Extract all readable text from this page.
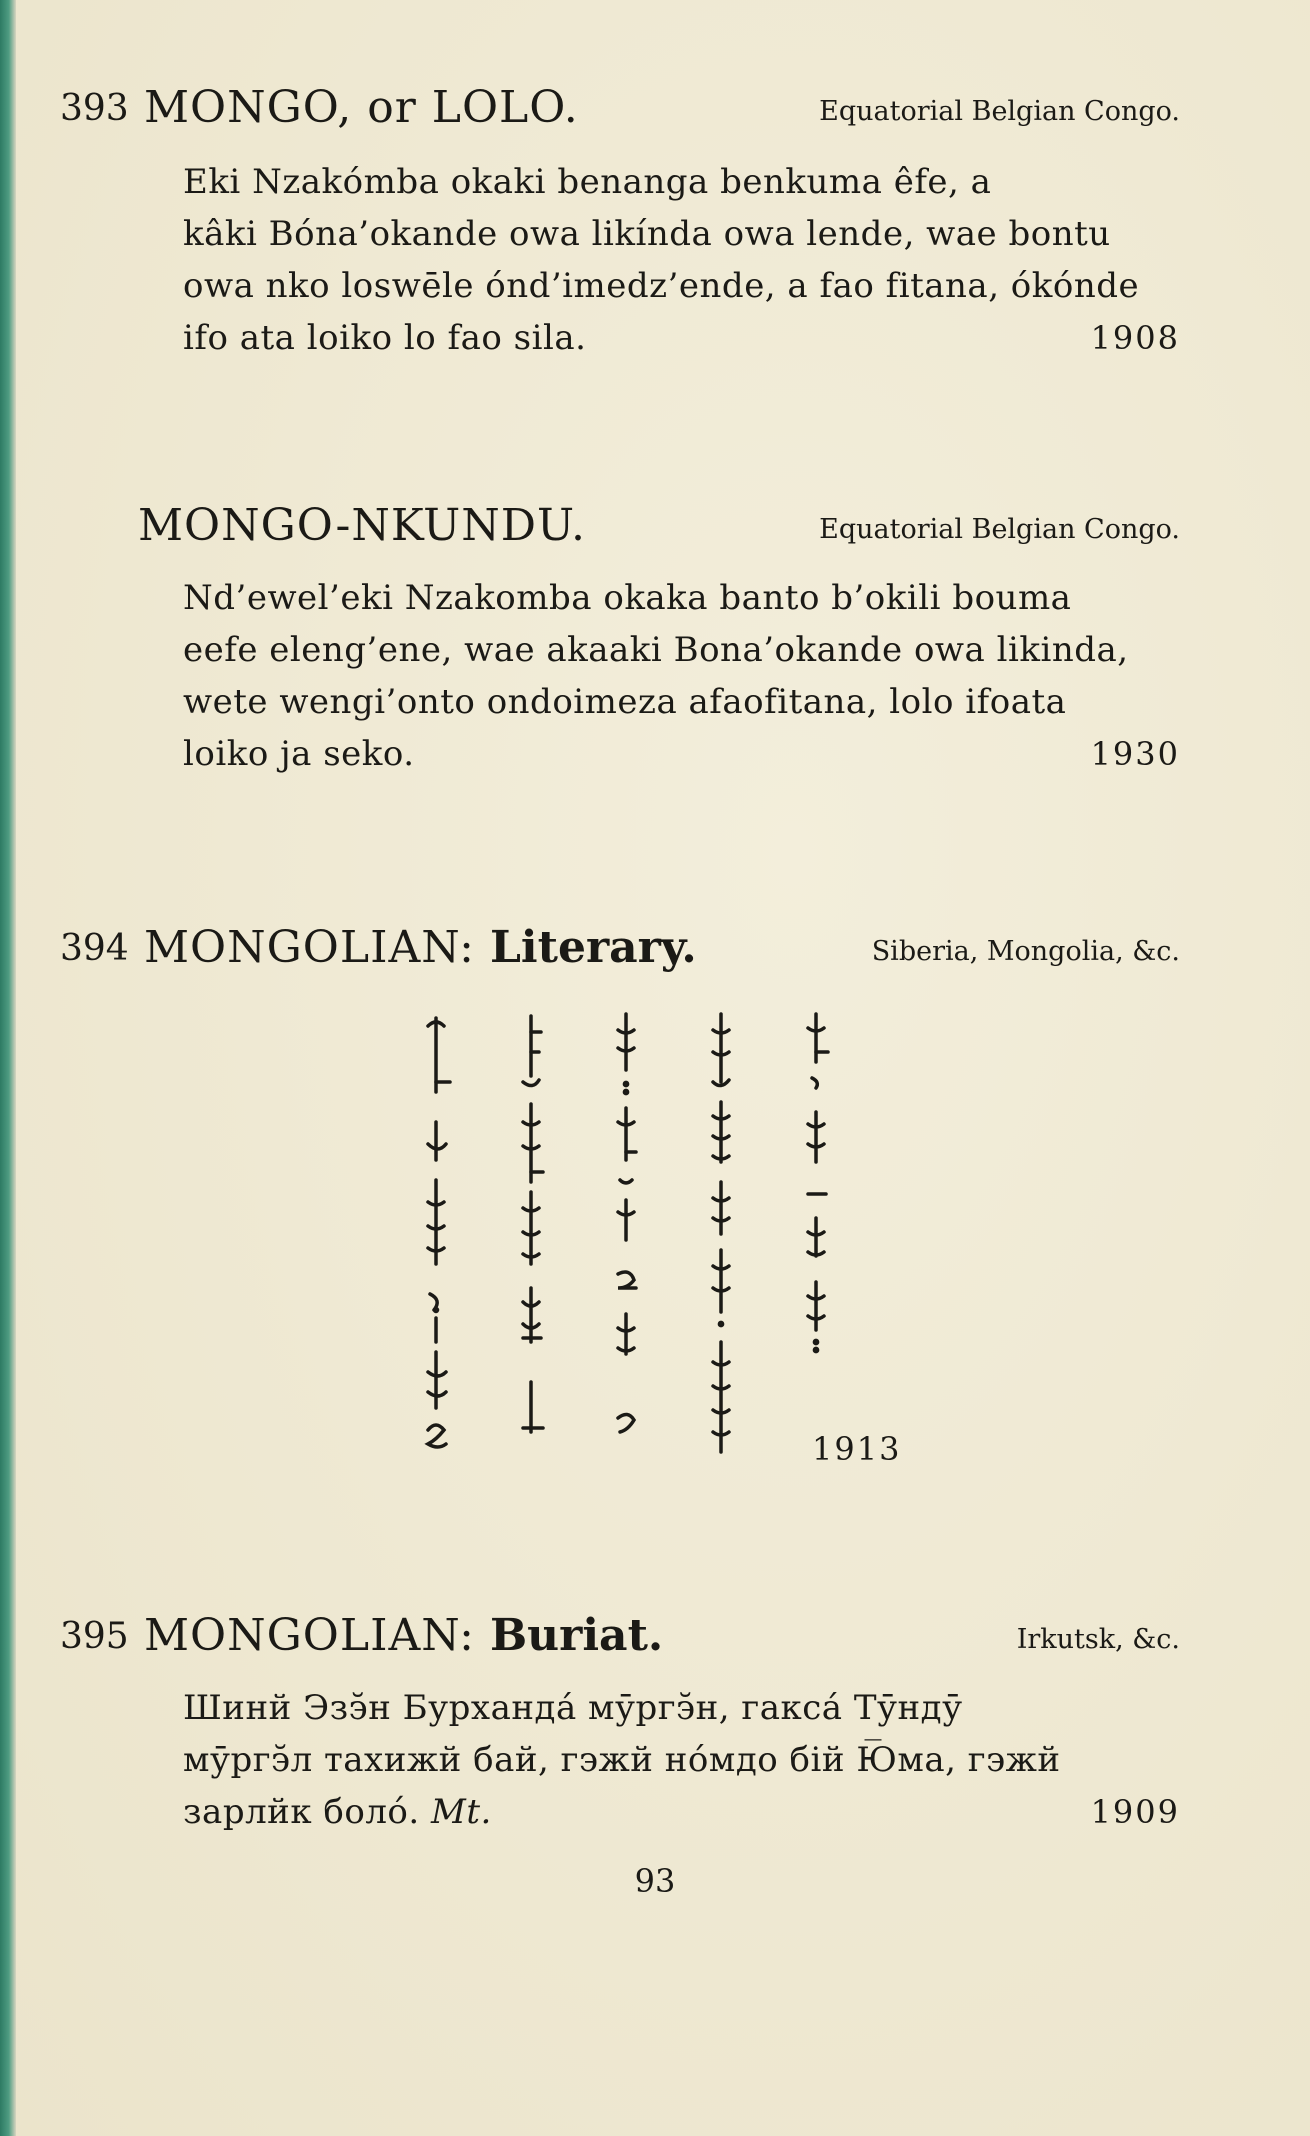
393 MONGO, or LOLO.	Equatorial Belgian Congo.
Eki Nzakómba okaki benanga benkuma êfe, a
kâki Bóna’okande owa likínda owa lende, wae bontu
owa nko loswēle ónd’imedz’ende, a fao fitana, ókónde
ifo ata loiko lo fao sila.	1908
MONGO-NKUNDU.	Equatorial Belgian Congo.
Nd’ewel’eki Nzakomba okaka banto b’okili bouma
eefe eleng’ene, wae akaaki Bona’okande owa likinda,
wete wengi’onto ondoimeza afaofitana, lolo ifoata
loiko ja seko.	1930
394 MONGOLIAN: Literary.	Siberia, Mongolia, &c.
1913
395 MONGOLIAN: Buriat.	Irkutsk, &c.
Шинй Эзэ̆н Бурхандá мӯргэ̆н, гаксá Тӯндӯ
мӯргэ̆л тахижй бай, гэжй нóмдо бій Ю̅ма, гэжй
зарлйк боло́. Mt.	1909
93
